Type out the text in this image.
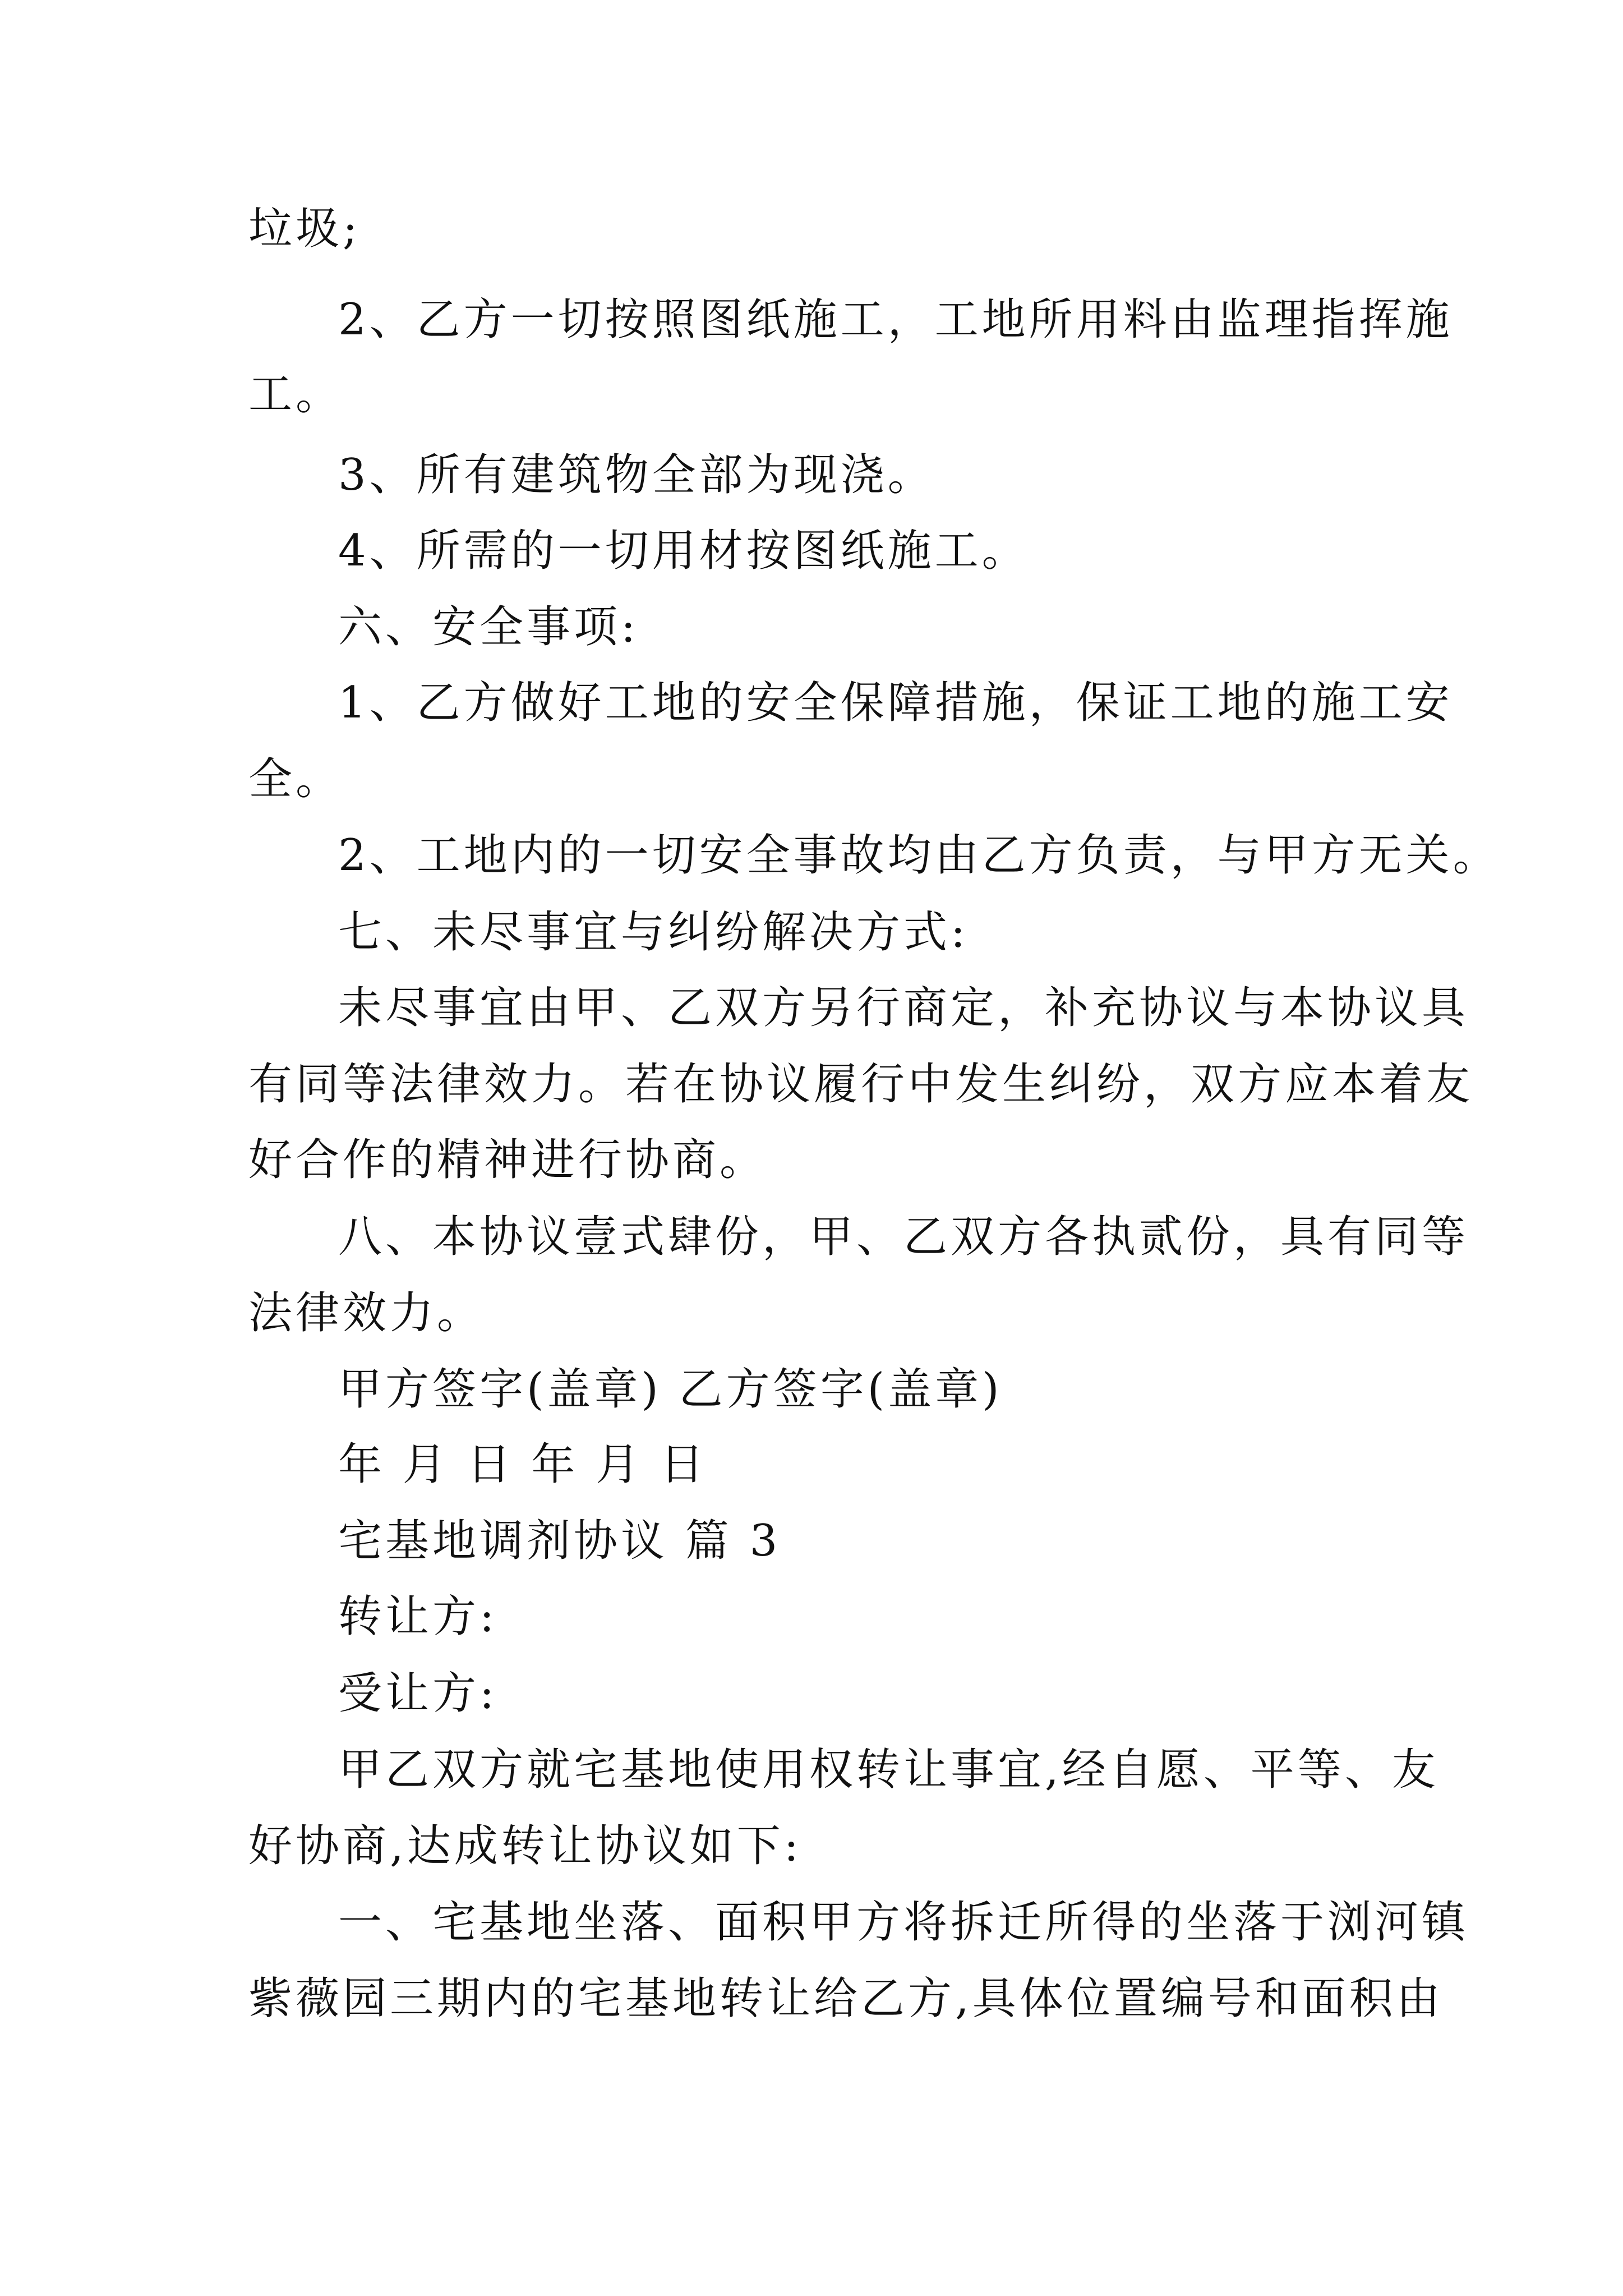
垃圾;
2、乙方一切按照图纸施工，工地所用料由监理指挥施
工。
3、所有建筑物全部为现浇。
4、所需的一切用材按图纸施工。
六、安全事项:
1、乙方做好工地的安全保障措施，保证工地的施工安
全。
2、工地内的一切安全事故均由乙方负责，与甲方无关。
七、未尽事宜与纠纷解决方式:
未尽事宜由甲、乙双方另行商定，补充协议与本协议具
有同等法律效力。若在协议履行中发生纠纷，双方应本着友
好合作的精神进行协商。
八、本协议壹式肆份，甲、乙双方各执贰份，具有同等
法律效力。
甲方签字(盖章) 乙方签字(盖章)
年 月 日 年 月 日
宅基地调剂协议 篇 3
转让方:
受让方:
甲乙双方就宅基地使用权转让事宜,经自愿、平等、友
好协商,达成转让协议如下:
一、宅基地坐落、面积甲方将拆迁所得的坐落于浏河镇
紫薇园三期内的宅基地转让给乙方,具体位置编号和面积由
